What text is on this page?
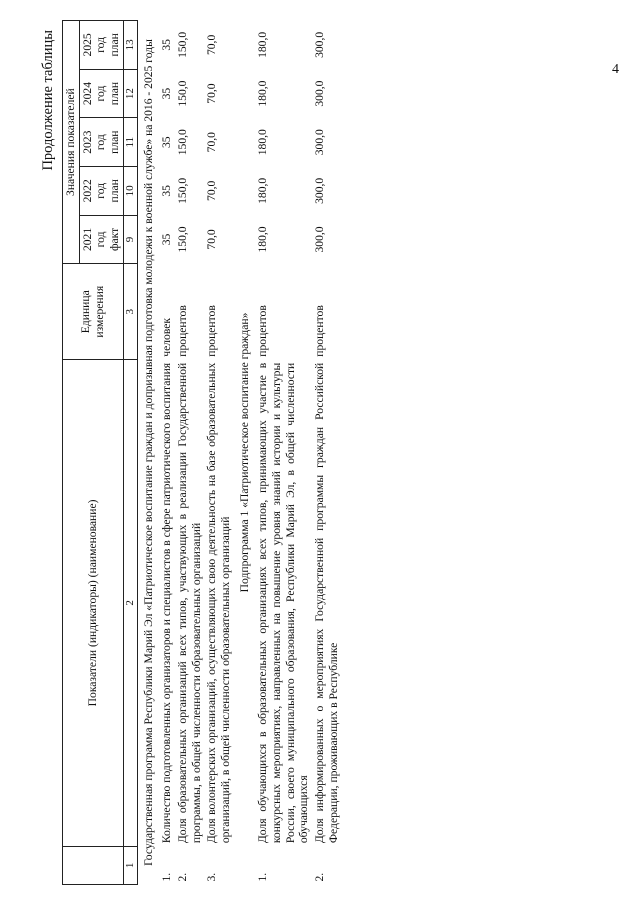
4
Продолжение таблицы
	Показатели (индикаторы) (наименование)	Единица измерения	Значения показателей				
			2021 год факт	2022 год план	2023 год план	2024 год план	2025 год план
1	2	3	9	10	11	12	13
Государственная программа Республики Марий Эл «Патриотическое воспитание граждан и допризывная подготовка молодежи к военной службе» на 2016 - 2025 годы							
1.	Количество подготовленных организаторов и специалистов в сфере патриотического воспитания	человек	35	35	35	35	35
2.	Доля образовательных организаций всех типов, участвующих в реализации Государственной программы, в общей численности образовательных организаций	процентов	150,0	150,0	150,0	150,0	150,0
3.	Доля волонтерских организаций, осуществляющих свою деятельность на базе образовательных организаций, в общей численности образовательных организаций	процентов	70,0	70,0	70,0	70,0	70,0
Подпрограмма 1 «Патриотическое воспитание граждан»							
1.	Доля обучающихся в образовательных организациях всех типов, принимающих участие в конкурсных мероприятиях, направленных на повышение уровня знаний истории и культуры России, своего муниципального образования, Республики Марий Эл, в общей численности обучающихся	процентов	180,0	180,0	180,0	180,0	180,0
2.	Доля информированных о мероприятиях Государственной программы граждан Российской Федерации, проживающих в Республике	процентов	300,0	300,0	300,0	300,0	300,0
